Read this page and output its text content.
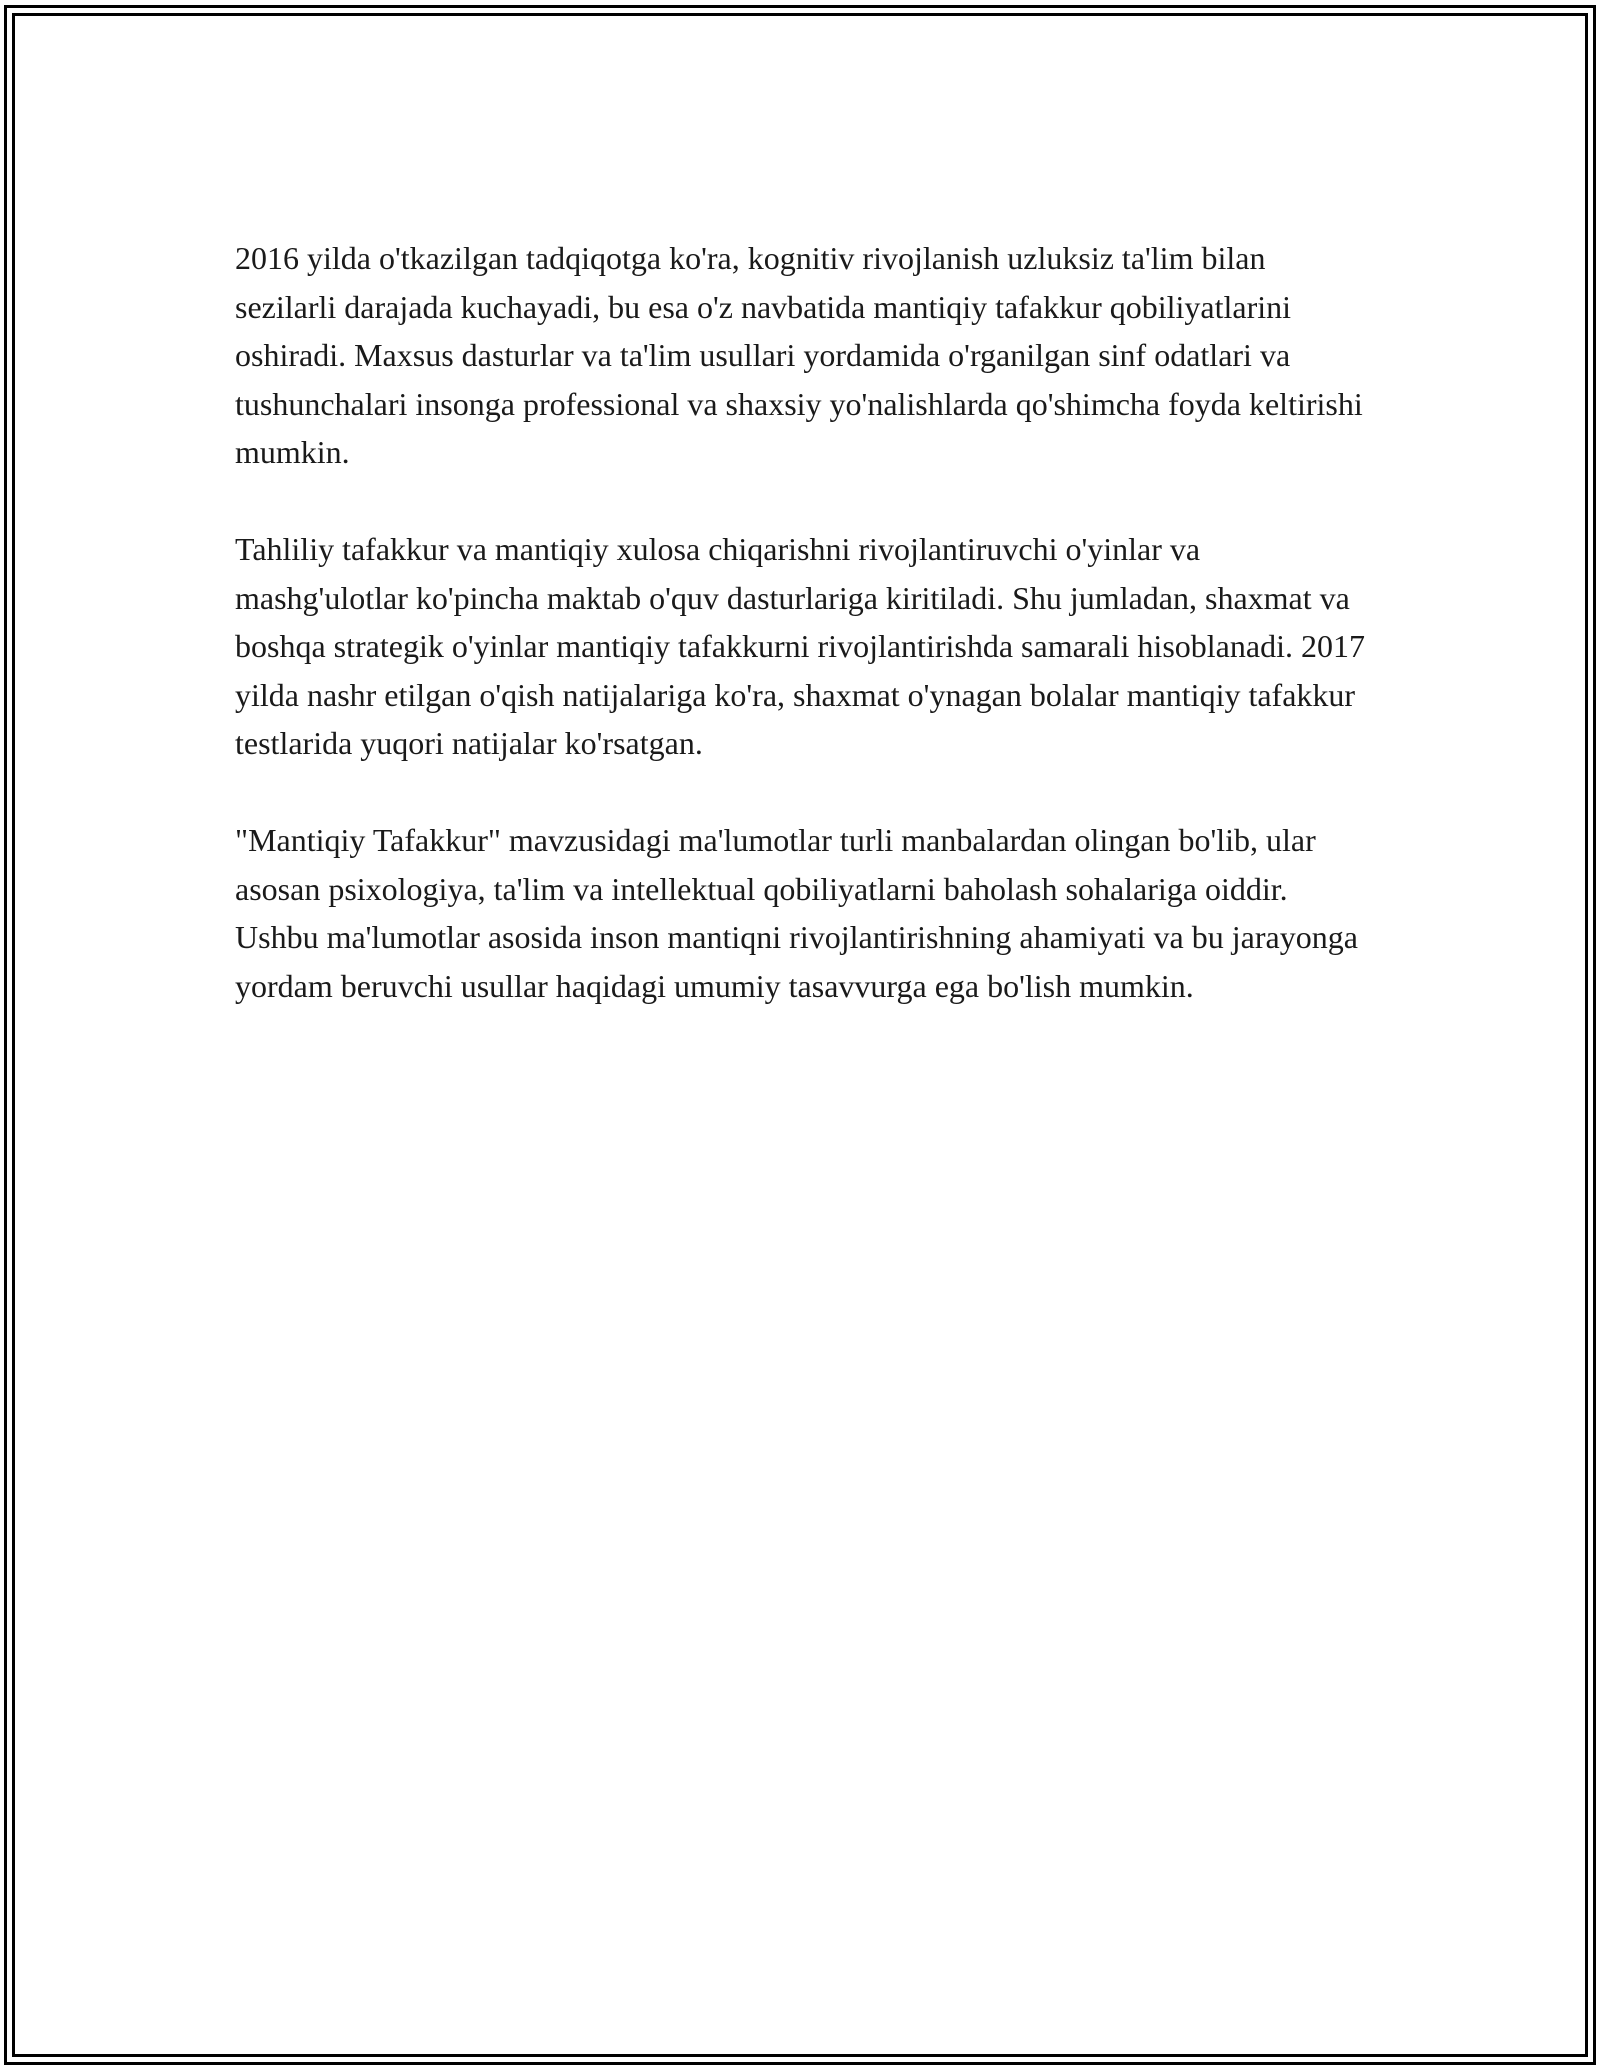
2016 yilda o'tkazilgan tadqiqotga ko'ra, kognitiv rivojlanish uzluksiz ta'lim bilan sezilarli darajada kuchayadi, bu esa o'z navbatida mantiqiy tafakkur qobiliyatlarini oshiradi. Maxsus dasturlar va ta'lim usullari yordamida o'rganilgan sinf odatlari va tushunchalari insonga professional va shaxsiy yo'nalishlarda qo'shimcha foyda keltirishi mumkin.

Tahliliy tafakkur va mantiqiy xulosa chiqarishni rivojlantiruvchi o'yinlar va mashg'ulotlar ko'pincha maktab o'quv dasturlariga kiritiladi. Shu jumladan, shaxmat va boshqa strategik o'yinlar mantiqiy tafakkurni rivojlantirishda samarali hisoblanadi. 2017 yilda nashr etilgan o'qish natijalariga ko'ra, shaxmat o'ynagan bolalar mantiqiy tafakkur testlarida yuqori natijalar ko'rsatgan.

"Mantiqiy Tafakkur" mavzusidagi ma'lumotlar turli manbalardan olingan bo'lib, ular asosan psixologiya, ta'lim va intellektual qobiliyatlarni baholash sohalariga oiddir. Ushbu ma'lumotlar asosida inson mantiqni rivojlantirishning ahamiyati va bu jarayonga yordam beruvchi usullar haqidagi umumiy tasavvurga ega bo'lish mumkin.
